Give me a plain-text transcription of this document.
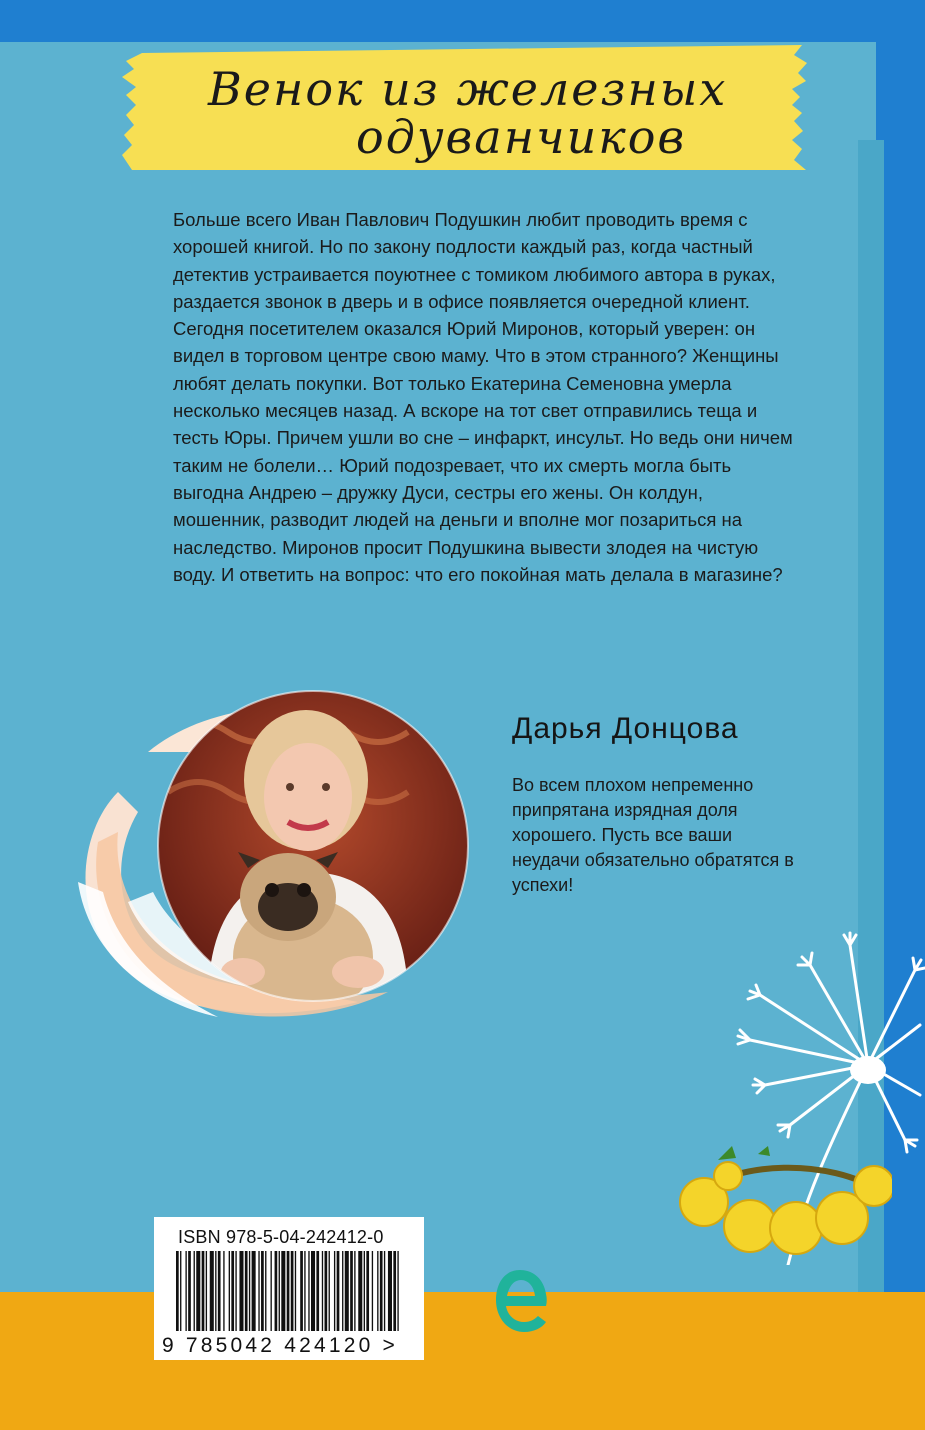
Венок из железных
одуванчиков

Больше всего Иван Павлович Подушкин любит проводить время с хорошей книгой. Но по закону подлости каждый раз, когда частный детектив устраивается поуютнее с томиком любимого автора в руках, раздается звонок в дверь и в офисе появляется очередной клиент. Сегодня посетителем оказался Юрий Миронов, который уверен: он видел в торговом центре свою маму. Что в этом странного? Женщины любят делать покупки. Вот только Екатерина Семеновна умерла несколько месяцев назад. А вскоре на тот свет отправились теща и тесть Юры. Причем ушли во сне – инфаркт, инсульт. Но ведь они ничем таким не болели… Юрий подозревает, что их смерть могла быть выгодна Андрею – дружку Дуси, сестры его жены. Он колдун, мошенник, разводит людей на деньги и вполне мог позариться на наследство. Миронов просит Подушкина вывести злодея на чистую воду. И ответить на вопрос: что его покойная мать делала в магазине?

Дарья Донцова

Во всем плохом непременно припрятана изрядная доля хорошего. Пусть все ваши неудачи обязательно обратятся в успехи!

ISBN 978-5-04-242412-0
9 785042 424120 >
